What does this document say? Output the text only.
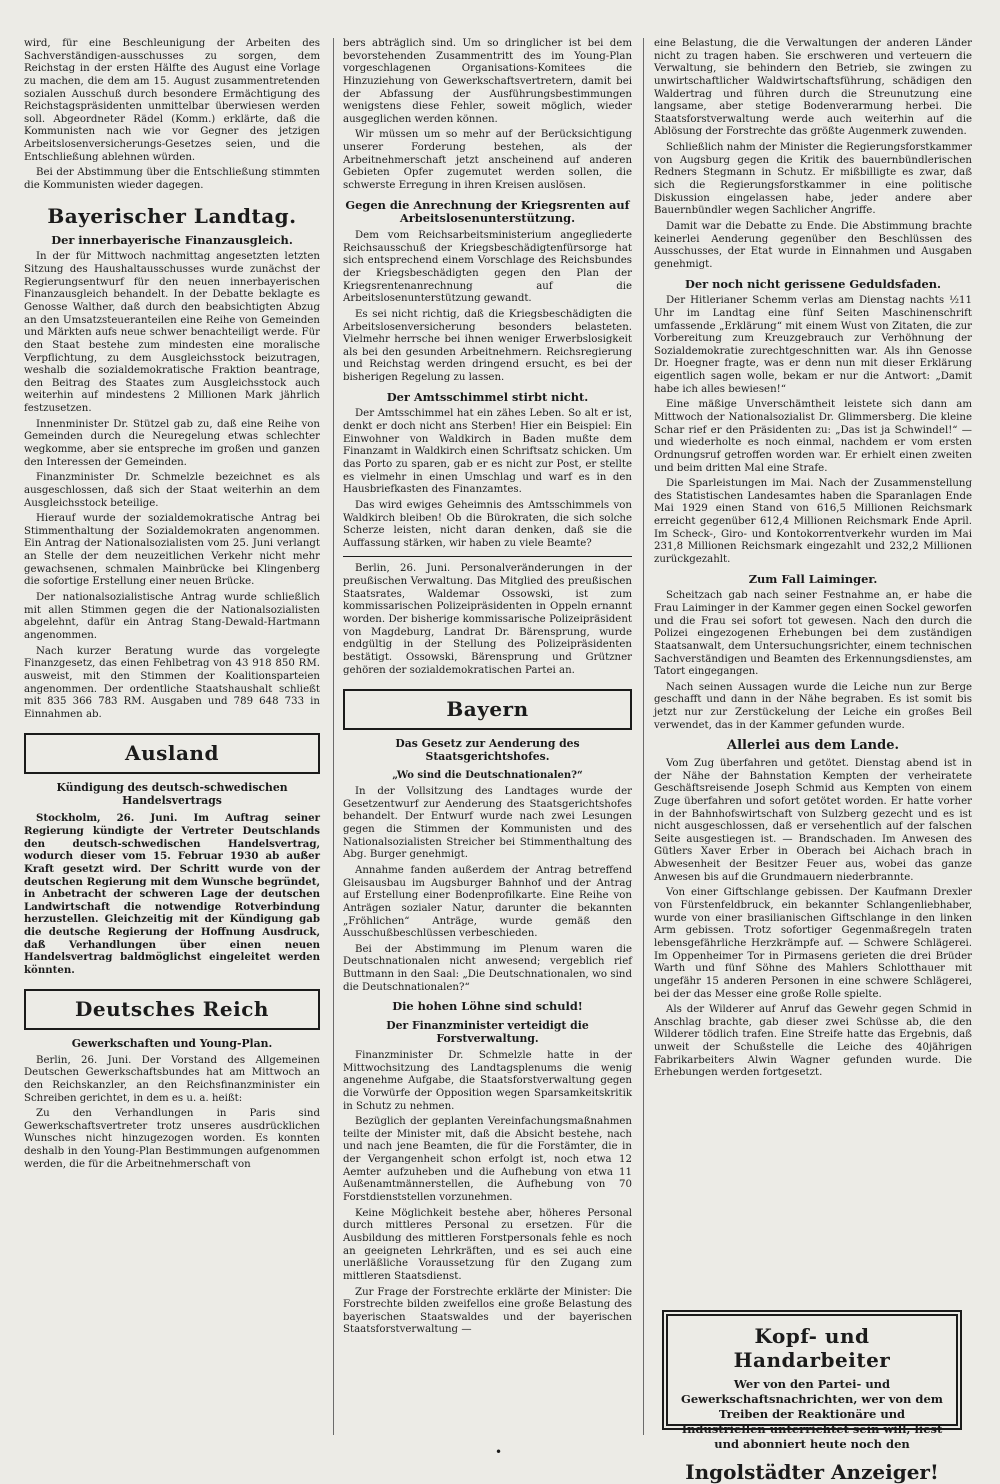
wird, für eine Beschleunigung der Arbeiten des Sachverständigen-ausschusses zu sorgen, dem Reichstag in der ersten Hälfte des August eine Vorlage zu machen, die dem am 15. August zusammentretenden sozialen Ausschuß durch besondere Ermächtigung des Reichstagspräsidenten unmittelbar überwiesen werden soll. Abgeordneter Rädel (Komm.) erklärte, daß die Kommunisten nach wie vor Gegner des jetzigen Arbeitslosenversicherungs-Gesetzes seien, und die Entschließung ablehnen würden.

Bei der Abstimmung über die Entschließung stimmten die Kommunisten wieder dagegen.

Bayerischer Landtag.
Der innerbayerische Finanzausgleich.

In der für Mittwoch nachmittag angesetzten letzten Sitzung des Haushaltausschusses wurde zunächst der Regierungsentwurf für den neuen innerbayerischen Finanzausgleich behandelt. In der Debatte beklagte es Genosse Walther, daß durch den beabsichtigten Abzug an den Umsatzsteueranteilen eine Reihe von Gemeinden und Märkten aufs neue schwer benachteiligt werde. Für den Staat bestehe zum mindesten eine moralische Verpflichtung, zu dem Ausgleichsstock beizutragen, weshalb die sozialdemokratische Fraktion beantrage, den Beitrag des Staates zum Ausgleichsstock auch weiterhin auf mindestens 2 Millionen Mark jährlich festzusetzen.

Innenminister Dr. Stützel gab zu, daß eine Reihe von Gemeinden durch die Neuregelung etwas schlechter wegkomme, aber sie entspreche im großen und ganzen den Interessen der Gemeinden.

Finanzminister Dr. Schmelzle bezeichnet es als ausgeschlossen, daß sich der Staat weiterhin an dem Ausgleichsstock beteilige.

Hierauf wurde der sozialdemokratische Antrag bei Stimmenthaltung der Sozialdemokraten angenommen. Ein Antrag der Nationalsozialisten vom 25. Juni verlangt an Stelle der dem neuzeitlichen Verkehr nicht mehr gewachsenen, schmalen Mainbrücke bei Klingenberg die sofortige Erstellung einer neuen Brücke.

Der nationalsozialistische Antrag wurde schließlich mit allen Stimmen gegen die der Nationalsozialisten abgelehnt, dafür ein Antrag Stang-Dewald-Hartmann angenommen.

Nach kurzer Beratung wurde das vorgelegte Finanzgesetz, das einen Fehlbetrag von 43 918 850 RM. ausweist, mit den Stimmen der Koalitionsparteien angenommen. Der ordentliche Staatshaushalt schließt mit 835 366 783 RM. Ausgaben und 789 648 733 in Einnahmen ab.

Ausland
Kündigung des deutsch-schwedischen Handelsvertrags

Stockholm, 26. Juni. Im Auftrag seiner Regierung kündigte der Vertreter Deutschlands den deutsch-schwedischen Handelsvertrag, wodurch dieser vom 15. Februar 1930 ab außer Kraft gesetzt wird. Der Schritt wurde von der deutschen Regierung mit dem Wunsche begründet, in Anbetracht der schweren Lage der deutschen Landwirtschaft die notwendige Rotverbindung herzustellen. Gleichzeitig mit der Kündigung gab die deutsche Regierung der Hoffnung Ausdruck, daß Verhandlungen über einen neuen Handelsvertrag baldmöglichst eingeleitet werden könnten.

Deutsches Reich
Gewerkschaften und Young-Plan.

Berlin, 26. Juni. Der Vorstand des Allgemeinen Deutschen Gewerkschaftsbundes hat am Mittwoch an den Reichskanzler, an den Reichsfinanzminister ein Schreiben gerichtet, in dem es u. a. heißt:

Zu den Verhandlungen in Paris sind Gewerkschaftsvertreter trotz unseres ausdrücklichen Wunsches nicht hinzugezogen worden. Es konnten deshalb in den Young-Plan Bestimmungen aufgenommen werden, die für die Arbeitnehmerschaft von

bers abträglich sind. Um so dringlicher ist bei dem bevorstehenden Zusammentritt des im Young-Plan vorgeschlagenen Organisations-Komitees die Hinzuziehung von Gewerkschaftsvertretern, damit bei der Abfassung der Ausführungsbestimmungen wenigstens diese Fehler, soweit möglich, wieder ausgeglichen werden können.

Wir müssen um so mehr auf der Berücksichtigung unserer Forderung bestehen, als der Arbeitnehmerschaft jetzt anscheinend auf anderen Gebieten Opfer zugemutet werden sollen, die schwerste Erregung in ihren Kreisen auslösen.

Gegen die Anrechnung der Kriegsrenten auf Arbeitslosenunterstützung.

Dem vom Reichsarbeitsministerium angegliederte Reichsausschuß der Kriegsbeschädigtenfürsorge hat sich entsprechend einem Vorschlage des Reichsbundes der Kriegsbeschädigten gegen den Plan der Kriegsrentenanrechnung auf die Arbeitslosenunterstützung gewandt.

Es sei nicht richtig, daß die Kriegsbeschädigten die Arbeitslosenversicherung besonders belasteten. Vielmehr herrsche bei ihnen weniger Erwerbslosigkeit als bei den gesunden Arbeitnehmern. Reichsregierung und Reichstag werden dringend ersucht, es bei der bisherigen Regelung zu lassen.

Der Amtsschimmel stirbt nicht.

Der Amtsschimmel hat ein zähes Leben. So alt er ist, denkt er doch nicht ans Sterben! Hier ein Beispiel: Ein Einwohner von Waldkirch in Baden mußte dem Finanzamt in Waldkirch einen Schriftsatz schicken. Um das Porto zu sparen, gab er es nicht zur Post, er stellte es vielmehr in einen Umschlag und warf es in den Hausbriefkasten des Finanzamtes.

Das wird ewiges Geheimnis des Amtsschimmels von Waldkirch bleiben! Ob die Bürokraten, die sich solche Scherze leisten, nicht daran denken, daß sie die Auffassung stärken, wir haben zu viele Beamte?

Berlin, 26. Juni. Personalveränderungen in der preußischen Verwaltung. Das Mitglied des preußischen Staatsrates, Waldemar Ossowski, ist zum kommissarischen Polizeipräsidenten in Oppeln ernannt worden. Der bisherige kommissarische Polizeipräsident von Magdeburg, Landrat Dr. Bärensprung, wurde endgültig in der Stellung des Polizeipräsidenten bestätigt. Ossowski, Bärensprung und Grützner gehören der sozialdemokratischen Partei an.

Bayern
Das Gesetz zur Aenderung des Staatsgerichtshofes.
„Wo sind die Deutschnationalen?“

In der Vollsitzung des Landtages wurde der Gesetzentwurf zur Aenderung des Staatsgerichtshofes behandelt. Der Entwurf wurde nach zwei Lesungen gegen die Stimmen der Kommunisten und des Nationalsozialisten Streicher bei Stimmenthaltung des Abg. Burger genehmigt.

Annahme fanden außerdem der Antrag betreffend Gleisausbau im Augsburger Bahnhof und der Antrag auf Erstellung einer Bodenprofilkarte. Eine Reihe von Anträgen sozialer Natur, darunter die bekannten „Fröhlichen“ Anträge, wurde gemäß den Ausschußbeschlüssen verbeschieden.

Bei der Abstimmung im Plenum waren die Deutschnationalen nicht anwesend; vergeblich rief Buttmann in den Saal: „Die Deutschnationalen, wo sind die Deutschnationalen?“

Die hohen Löhne sind schuld!
Der Finanzminister verteidigt die Forstverwaltung.

Finanzminister Dr. Schmelzle hatte in der Mittwochsitzung des Landtagsplenums die wenig angenehme Aufgabe, die Staatsforstverwaltung gegen die Vorwürfe der Opposition wegen Sparsamkeitskritik in Schutz zu nehmen.

Bezüglich der geplanten Vereinfachungsmaßnahmen teilte der Minister mit, daß die Absicht bestehe, nach und nach jene Beamten, die für die Forstämter, die in der Vergangenheit schon erfolgt ist, noch etwa 12 Aemter aufzuheben und die Aufhebung von etwa 11 Außenamtmännerstellen, die Aufhebung von 70 Forstdienststellen vorzunehmen.

Keine Möglichkeit bestehe aber, höheres Personal durch mittleres Personal zu ersetzen. Für die Ausbildung des mittleren Forstpersonals fehle es noch an geeigneten Lehrkräften, und es sei auch eine unerläßliche Voraussetzung für den Zugang zum mittleren Staatsdienst.

Zur Frage der Forstrechte erklärte der Minister: Die Forstrechte bilden zweifellos eine große Belastung des bayerischen Staatswaldes und der bayerischen Staatsforstverwaltung —

eine Belastung, die die Verwaltungen der anderen Länder nicht zu tragen haben. Sie erschweren und verteuern die Verwaltung, sie behindern den Betrieb, sie zwingen zu unwirtschaftlicher Waldwirtschaftsführung, schädigen den Waldertrag und führen durch die Streunutzung eine langsame, aber stetige Bodenverarmung herbei. Die Staatsforstverwaltung werde auch weiterhin auf die Ablösung der Forstrechte das größte Augenmerk zuwenden.

Schließlich nahm der Minister die Regierungsforstkammer von Augsburg gegen die Kritik des bauernbündlerischen Redners Stegmann in Schutz. Er mißbilligte es zwar, daß sich die Regierungsforstkammer in eine politische Diskussion eingelassen habe, jeder andere aber Bauernbündler wegen Sachlicher Angriffe.

Damit war die Debatte zu Ende. Die Abstimmung brachte keinerlei Aenderung gegenüber den Beschlüssen des Ausschusses, der Etat wurde in Einnahmen und Ausgaben genehmigt.

Der noch nicht gerissene Geduldsfaden.

Der Hitlerianer Schemm verlas am Dienstag nachts ½11 Uhr im Landtag eine fünf Seiten Maschinenschrift umfassende „Erklärung“ mit einem Wust von Zitaten, die zur Vorbereitung zum Kreuzgebrauch zur Verhöhnung der Sozialdemokratie zurechtgeschnitten war. Als ihn Genosse Dr. Hoegner fragte, was er denn nun mit dieser Erklärung eigentlich sagen wolle, bekam er nur die Antwort: „Damit habe ich alles bewiesen!“

Eine mäßige Unverschämtheit leistete sich dann am Mittwoch der Nationalsozialist Dr. Glimmersberg. Die kleine Schar rief er den Präsidenten zu: „Das ist ja Schwindel!“ — und wiederholte es noch einmal, nachdem er vom ersten Ordnungsruf getroffen worden war. Er erhielt einen zweiten und beim dritten Mal eine Strafe.

Die Sparleistungen im Mai. Nach der Zusammenstellung des Statistischen Landesamtes haben die Sparanlagen Ende Mai 1929 einen Stand von 616,5 Millionen Reichsmark erreicht gegenüber 612,4 Millionen Reichsmark Ende April. Im Scheck-, Giro- und Kontokorrentverkehr wurden im Mai 231,8 Millionen Reichsmark eingezahlt und 232,2 Millionen zurückgezahlt.

Zum Fall Laiminger.

Scheitzach gab nach seiner Festnahme an, er habe die Frau Laiminger in der Kammer gegen einen Sockel geworfen und die Frau sei sofort tot gewesen. Nach den durch die Polizei eingezogenen Erhebungen bei dem zuständigen Staatsanwalt, dem Untersuchungsrichter, einem technischen Sachverständigen und Beamten des Erkennungsdienstes, am Tatort eingegangen.

Nach seinen Aussagen wurde die Leiche nun zur Berge geschafft und dann in der Nähe begraben. Es ist somit bis jetzt nur zur Zerstückelung der Leiche ein großes Beil verwendet, das in der Kammer gefunden wurde.

Allerlei aus dem Lande.

Vom Zug überfahren und getötet. Dienstag abend ist in der Nähe der Bahnstation Kempten der verheiratete Geschäftsreisende Joseph Schmid aus Kempten von einem Zuge überfahren und sofort getötet worden. Er hatte vorher in der Bahnhofswirtschaft von Sulzberg gezecht und es ist nicht ausgeschlossen, daß er versehentlich auf der falschen Seite ausgestiegen ist. — Brandschaden. Im Anwesen des Gütlers Xaver Erber in Oberach bei Aichach brach in Abwesenheit der Besitzer Feuer aus, wobei das ganze Anwesen bis auf die Grundmauern niederbrannte.

Von einer Giftschlange gebissen. Der Kaufmann Drexler von Fürstenfeldbruck, ein bekannter Schlangenliebhaber, wurde von einer brasilianischen Giftschlange in den linken Arm gebissen. Trotz sofortiger Gegenmaßregeln traten lebensgefährliche Herzkrämpfe auf. — Schwere Schlägerei. Im Oppenheimer Tor in Pirmasens gerieten die drei Brüder Warth und fünf Söhne des Mahlers Schlotthauer mit ungefähr 15 anderen Personen in eine schwere Schlägerei, bei der das Messer eine große Rolle spielte.

Als der Wilderer auf Anruf das Gewehr gegen Schmid in Anschlag brachte, gab dieser zwei Schüsse ab, die den Wilderer tödlich trafen. Eine Streife hatte das Ergebnis, daß unweit der Schußstelle die Leiche des 40jährigen Fabrikarbeiters Alwin Wagner gefunden wurde. Die Erhebungen werden fortgesetzt.

Kopf- und Handarbeiter
Wer von den Partei- und Gewerkschaftsnachrichten, wer von dem Treiben der Reaktionäre und Industriellen unterrichtet sein will, liest und abonniert heute noch den
Ingolstädter Anzeiger!
•
